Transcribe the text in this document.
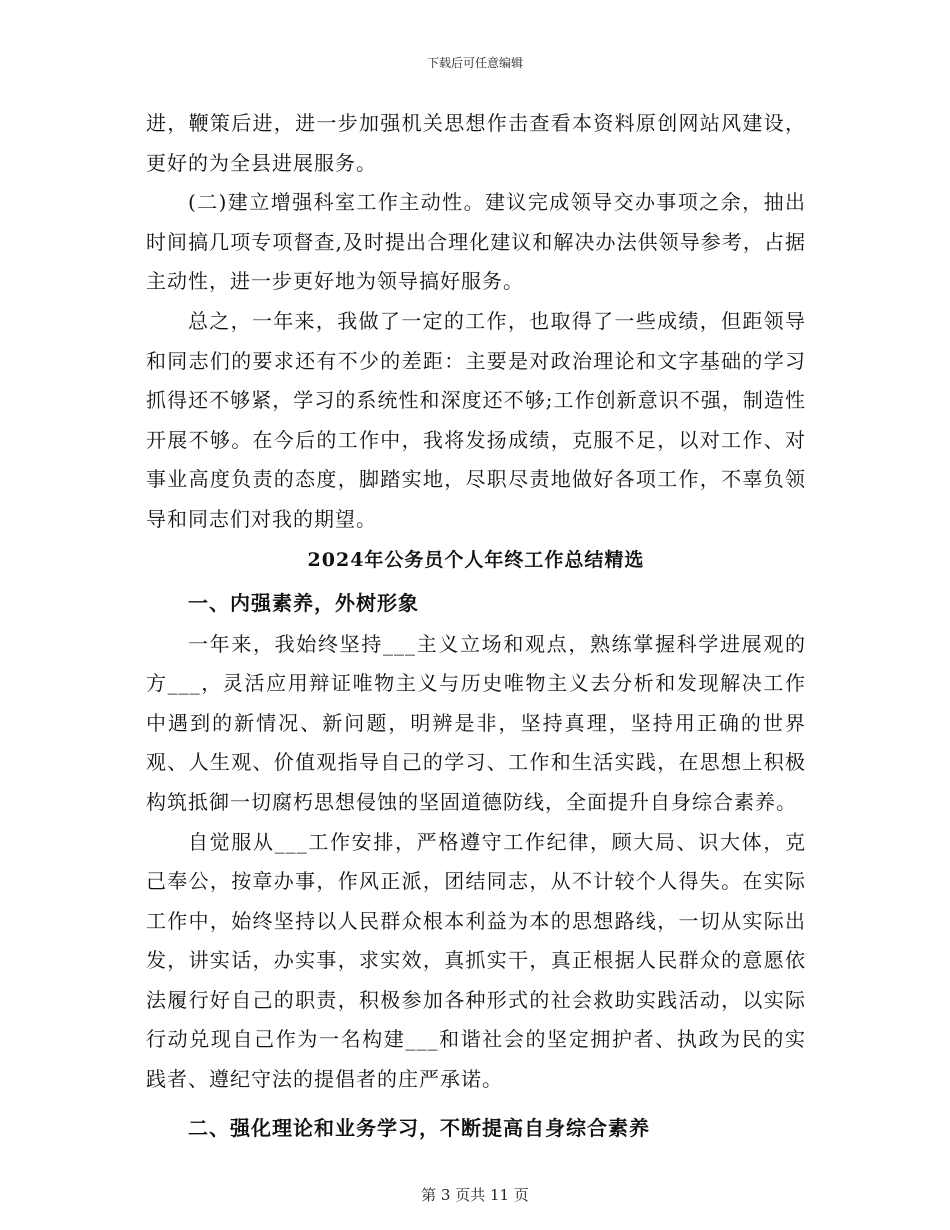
下载后可任意编辑

进，鞭策后进，进一步加强机关思想作击查看本资料原创网站风建设，更好的为全县进展服务。

(二)建立增强科室工作主动性。建议完成领导交办事项之余，抽出时间搞几项专项督查,及时提出合理化建议和解决办法供领导参考，占据主动性，进一步更好地为领导搞好服务。

总之，一年来，我做了一定的工作，也取得了一些成绩，但距领导和同志们的要求还有不少的差距：主要是对政治理论和文字基础的学习抓得还不够紧，学习的系统性和深度还不够;工作创新意识不强，制造性开展不够。在今后的工作中，我将发扬成绩，克服不足，以对工作、对事业高度负责的态度，脚踏实地，尽职尽责地做好各项工作，不辜负领导和同志们对我的期望。

2024年公务员个人年终工作总结精选

一、内强素养，外树形象

一年来，我始终坚持___主义立场和观点，熟练掌握科学进展观的方___，灵活应用辩证唯物主义与历史唯物主义去分析和发现解决工作中遇到的新情况、新问题，明辨是非，坚持真理，坚持用正确的世界观、人生观、价值观指导自己的学习、工作和生活实践，在思想上积极构筑抵御一切腐朽思想侵蚀的坚固道德防线，全面提升自身综合素养。

自觉服从___工作安排，严格遵守工作纪律，顾大局、识大体，克己奉公，按章办事，作风正派，团结同志，从不计较个人得失。在实际工作中，始终坚持以人民群众根本利益为本的思想路线，一切从实际出发，讲实话，办实事，求实效，真抓实干，真正根据人民群众的意愿依法履行好自己的职责，积极参加各种形式的社会救助实践活动，以实际行动兑现自己作为一名构建___和谐社会的坚定拥护者、执政为民的实践者、遵纪守法的提倡者的庄严承诺。

二、强化理论和业务学习，不断提高自身综合素养

第 3 页共 11 页
